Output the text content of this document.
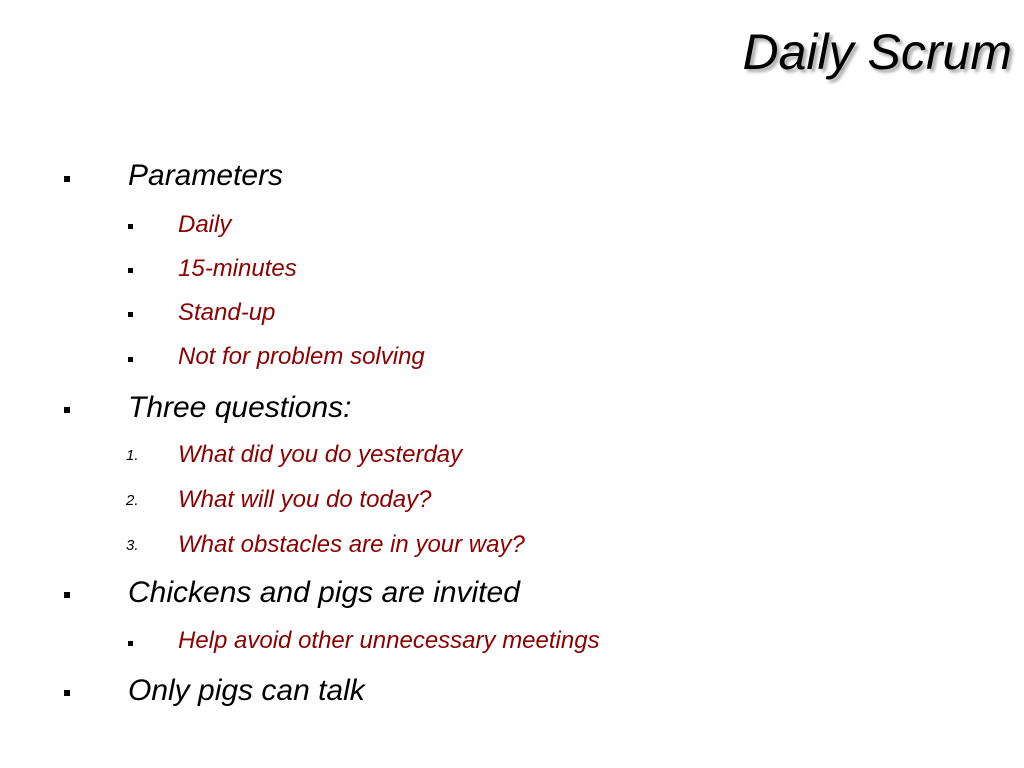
Daily Scrum
Parameters
Daily
15-minutes
Stand-up
Not for problem solving
Three questions:
1. What did you do yesterday
2. What will you do today?
3. What obstacles are in your way?
Chickens and pigs are invited
Help avoid other unnecessary meetings
Only pigs can talk
